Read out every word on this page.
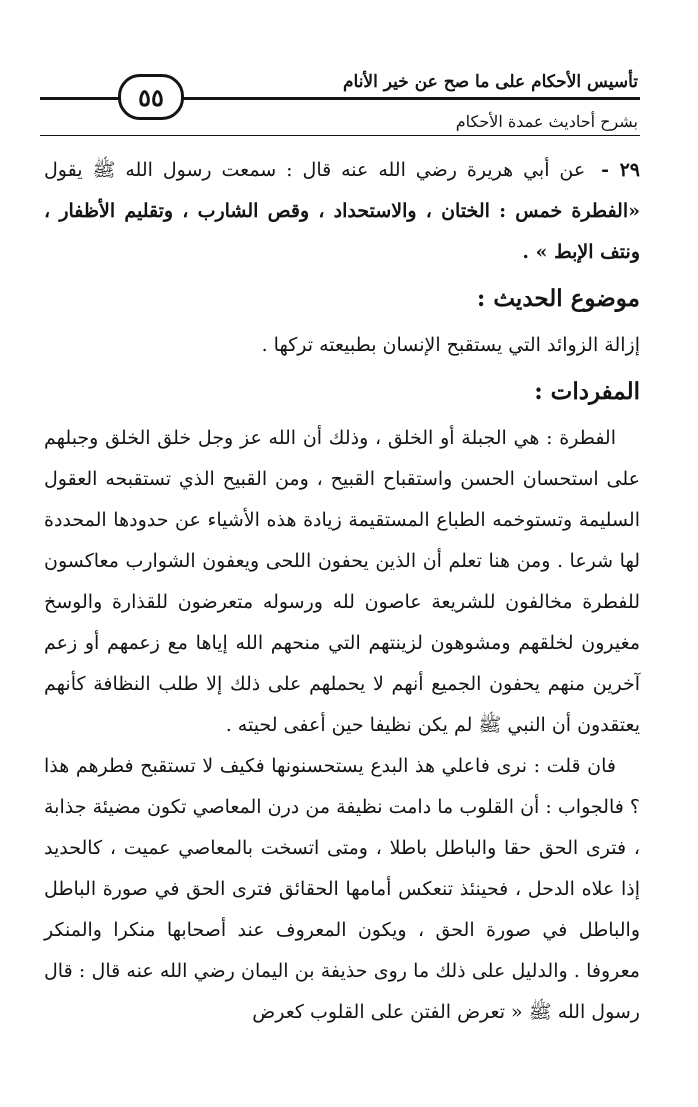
تأسيس الأحكام على ما صح عن خير الأنام
٥٥
بشرح أحاديث عمدة الأحكام

٢٩ - عن أبي هريرة رضي الله عنه قال : سمعت رسول الله ﷺ يقول «الفطرة خمس : الختان ، والاستحداد ، وقص الشارب ، وتقليم الأظفار ، ونتف الإبط » .

موضوع الحديث :

إزالة الزوائد التي يستقبح الإنسان بطبيعته تركها .

المفردات :

الفطرة : هي الجبلة أو الخلق ، وذلك أن الله عز وجل خلق الخلق وجبلهم على استحسان الحسن واستقباح القبيح ، ومن القبيح الذي تستقبحه العقول السليمة وتستوخمه الطباع المستقيمة زيادة هذه الأشياء عن حدودها المحددة لها شرعا . ومن هنا تعلم أن الذين يحفون اللحى ويعفون الشوارب معاكسون للفطرة مخالفون للشريعة عاصون لله ورسوله متعرضون للقذارة والوسخ مغيرون لخلقهم ومشوهون لزينتهم التي منحهم الله إياها مع زعمهم أو زعم آخرين منهم يحفون الجميع أنهم لا يحملهم على ذلك إلا طلب النظافة كأنهم يعتقدون أن النبي ﷺ لم يكن نظيفا حين أعفى لحيته .

فان قلت : نرى فاعلي هذ البدع يستحسنونها فكيف لا تستقبح فطرهم هذا ؟ فالجواب : أن القلوب ما دامت نظيفة من درن المعاصي تكون مضيئة جذابة ، فترى الحق حقا والباطل باطلا ، ومتى اتسخت بالمعاصي عميت ، كالحديد إذا علاه الدحل ، فحينئذ تنعكس أمامها الحقائق فترى الحق في صورة الباطل والباطل في صورة الحق ، ويكون المعروف عند أصحابها منكرا والمنكر معروفا . والدليل على ذلك ما روى حذيفة بن اليمان رضي الله عنه قال : قال رسول الله ﷺ « تعرض الفتن على القلوب كعرض
